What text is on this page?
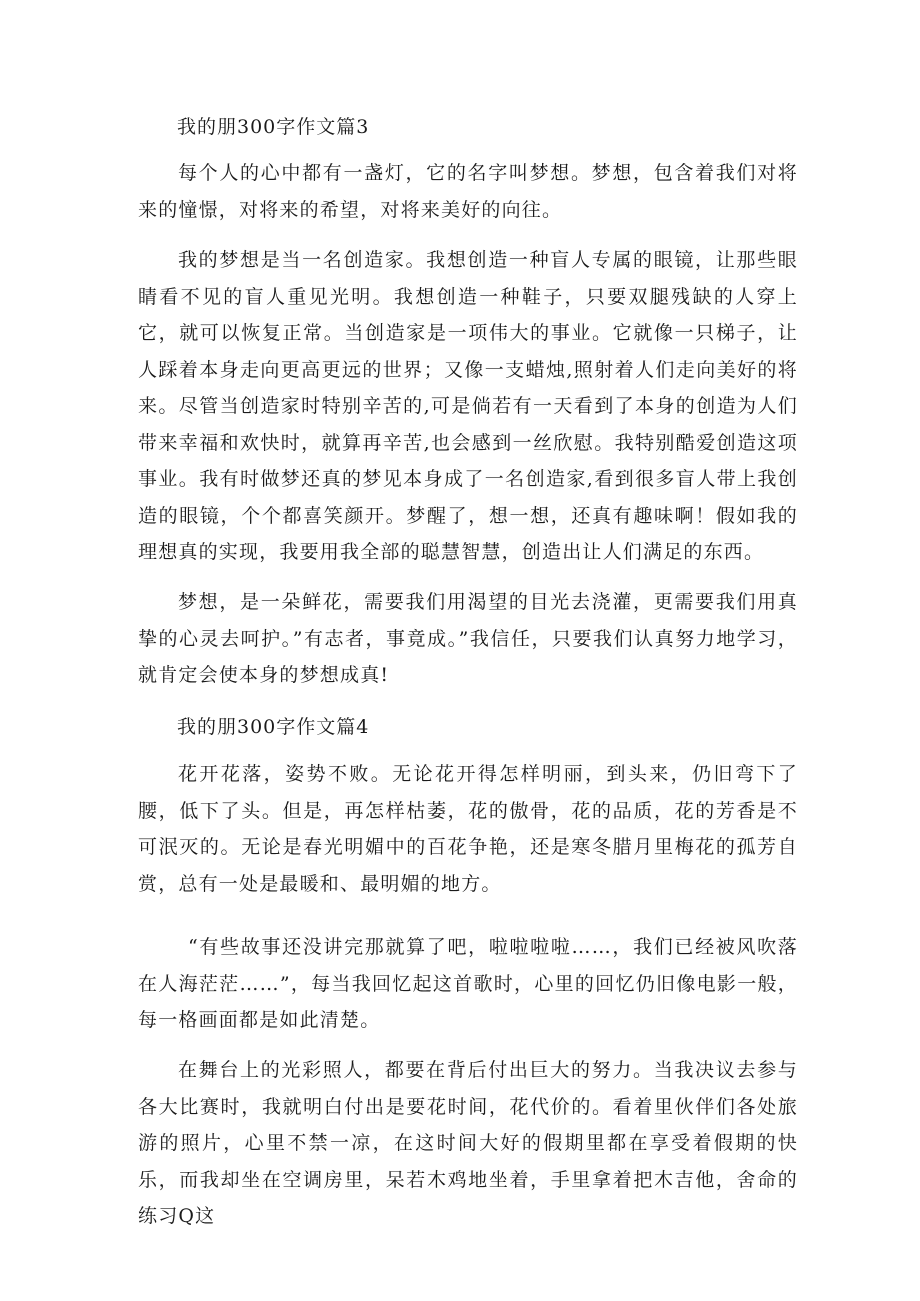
我的朋300字作文篇3

每个人的心中都有一盏灯，它的名字叫梦想。梦想，包含着我们对将来的憧憬，对将来的希望，对将来美好的向往。

我的梦想是当一名创造家。我想创造一种盲人专属的眼镜，让那些眼睛看不见的盲人重见光明。我想创造一种鞋子，只要双腿残缺的人穿上它，就可以恢复正常。当创造家是一项伟大的事业。它就像一只梯子，让人踩着本身走向更高更远的世界；又像一支蜡烛,照射着人们走向美好的将来。尽管当创造家时特别辛苦的,可是倘若有一天看到了本身的创造为人们带来幸福和欢快时，就算再辛苦,也会感到一丝欣慰。我特别酷爱创造这项事业。我有时做梦还真的梦见本身成了一名创造家,看到很多盲人带上我创造的眼镜，个个都喜笑颜开。梦醒了，想一想，还真有趣味啊！假如我的理想真的实现，我要用我全部的聪慧智慧，创造出让人们满足的东西。

梦想，是一朵鲜花，需要我们用渴望的目光去浇灌，更需要我们用真挚的心灵去呵护。”有志者，事竟成。”我信任，只要我们认真努力地学习，就肯定会使本身的梦想成真!

我的朋300字作文篇4

花开花落，姿势不败。无论花开得怎样明丽，到头来，仍旧弯下了腰，低下了头。但是，再怎样枯萎，花的傲骨，花的品质，花的芳香是不可泯灭的。无论是春光明媚中的百花争艳，还是寒冬腊月里梅花的孤芳自赏，总有一处是最暖和、最明媚的地方。

“有些故事还没讲完那就算了吧，啦啦啦啦……，我们已经被风吹落在人海茫茫……”，每当我回忆起这首歌时，心里的回忆仍旧像电影一般，每一格画面都是如此清楚。

在舞台上的光彩照人，都要在背后付出巨大的努力。当我决议去参与各大比赛时，我就明白付出是要花时间，花代价的。看着里伙伴们各处旅游的照片，心里不禁一凉，在这时间大好的假期里都在享受着假期的快乐，而我却坐在空调房里，呆若木鸡地坐着，手里拿着把木吉他，舍命的练习Q这
